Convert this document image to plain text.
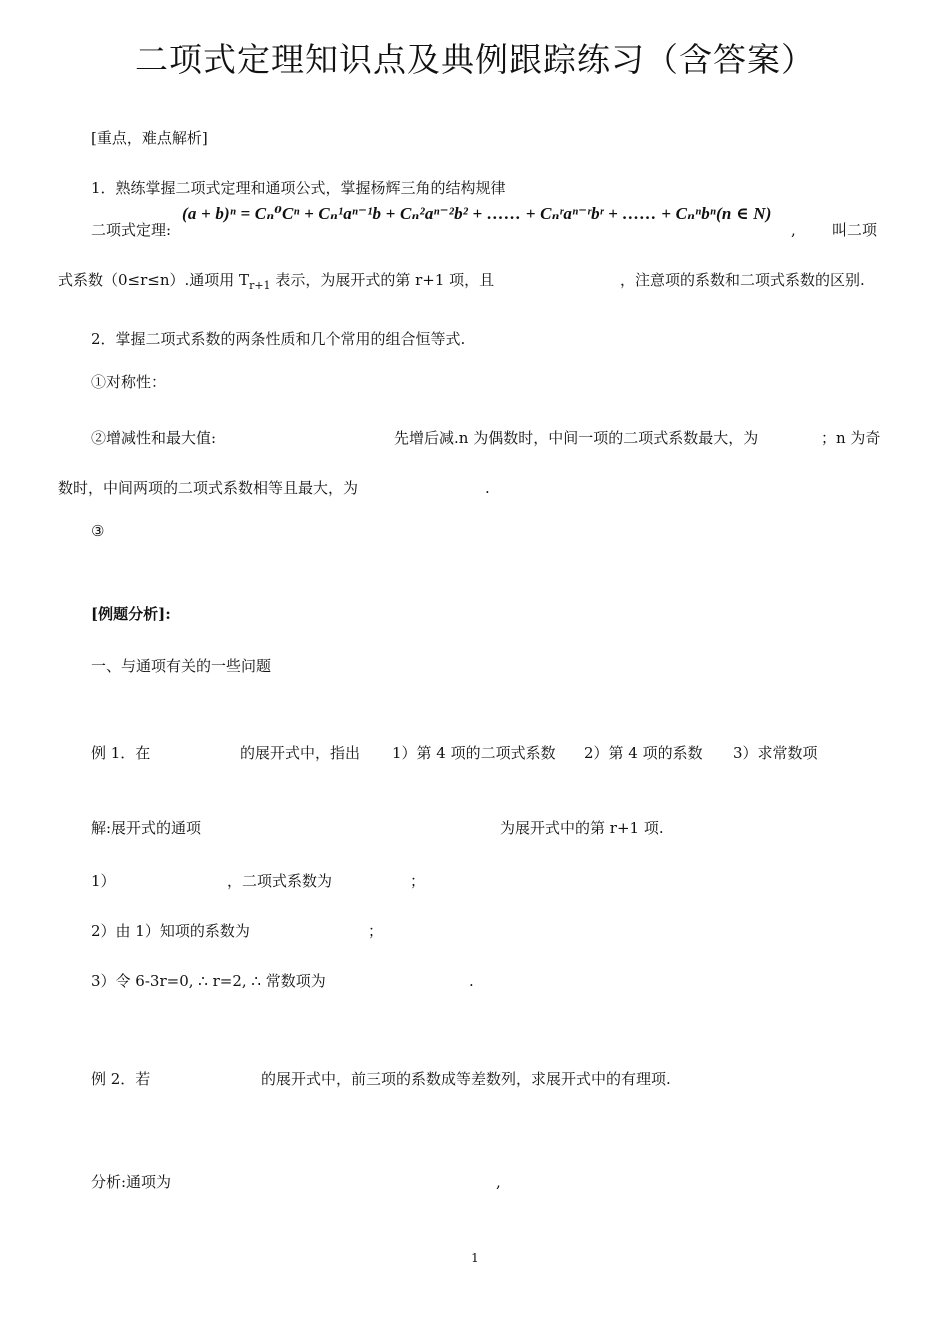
二项式定理知识点及典例跟踪练习（含答案）
[重点，难点解析]
1．熟练掌握二项式定理和通项公式，掌握杨辉三角的结构规律
二项式定理:
(a + b)ⁿ = Cₙ⁰Cⁿ + Cₙ¹aⁿ⁻¹b + Cₙ²aⁿ⁻²b² + …… + Cₙʳaⁿ⁻ʳbʳ + …… + Cₙⁿbⁿ(n ∈ N)
, 叫二项
式系数（0≤r≤n）.通项用 $T_{r+1}$ 表示，为展开式的第 r+1 项，且	，注意项的系数和二项式系数的区别.
2．掌握二项式系数的两条性质和几个常用的组合恒等式.
①对称性：
②增减性和最大值:	先增后减.n 为偶数时，中间一项的二项式系数最大，为	；n 为奇
数时，中间两项的二项式系数相等且最大，为	.
③
[例题分析]:
一、与通项有关的一些问题
例 1．在	的展开式中，指出 1）第 4 项的二项式系数 2）第 4 项的系数 3）求常数项
解:展开式的通项	为展开式中的第 r+1 项.
1）	，二项式系数为	；
2）由 1）知项的系数为	；
3）令 6-3r=0, ∴ r=2, ∴ 常数项为	.
例 2．若	的展开式中，前三项的系数成等差数列，求展开式中的有理项.
分析:通项为	,
1
